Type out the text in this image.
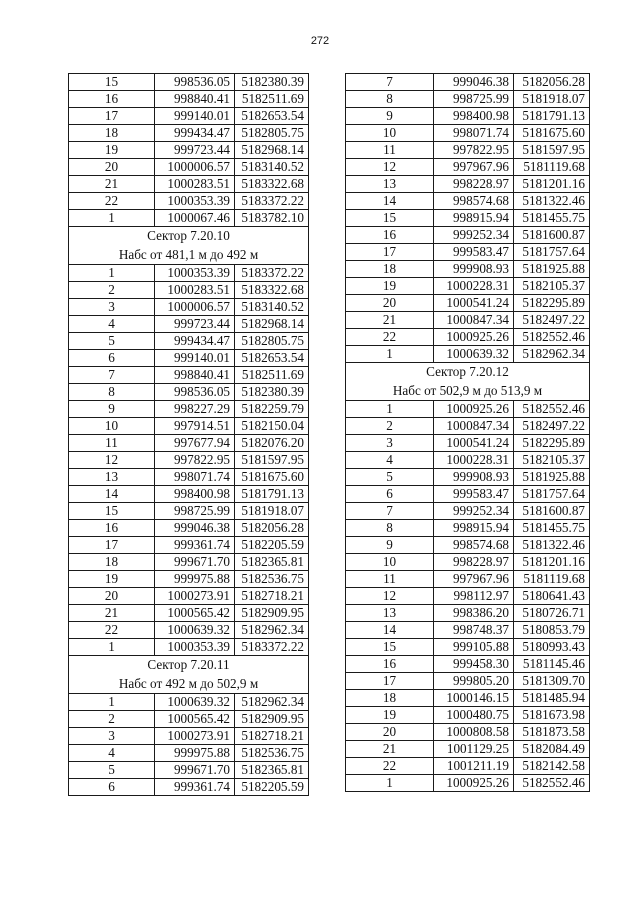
272
15	998536.05	5182380.39
16	998840.41	5182511.69
17	999140.01	5182653.54
18	999434.47	5182805.75
19	999723.44	5182968.14
20	1000006.57	5183140.52
21	1000283.51	5183322.68
22	1000353.39	5183372.22
1	1000067.46	5183782.10
Сектор 7.20.10		
Набс от 481,1 м до 492 м		
1	1000353.39	5183372.22
2	1000283.51	5183322.68
3	1000006.57	5183140.52
4	999723.44	5182968.14
5	999434.47	5182805.75
6	999140.01	5182653.54
7	998840.41	5182511.69
8	998536.05	5182380.39
9	998227.29	5182259.79
10	997914.51	5182150.04
11	997677.94	5182076.20
12	997822.95	5181597.95
13	998071.74	5181675.60
14	998400.98	5181791.13
15	998725.99	5181918.07
16	999046.38	5182056.28
17	999361.74	5182205.59
18	999671.70	5182365.81
19	999975.88	5182536.75
20	1000273.91	5182718.21
21	1000565.42	5182909.95
22	1000639.32	5182962.34
1	1000353.39	5183372.22
Сектор 7.20.11		
Набс от 492 м до 502,9 м		
1	1000639.32	5182962.34
2	1000565.42	5182909.95
3	1000273.91	5182718.21
4	999975.88	5182536.75
5	999671.70	5182365.81
6	999361.74	5182205.59
7	999046.38	5182056.28
8	998725.99	5181918.07
9	998400.98	5181791.13
10	998071.74	5181675.60
11	997822.95	5181597.95
12	997967.96	5181119.68
13	998228.97	5181201.16
14	998574.68	5181322.46
15	998915.94	5181455.75
16	999252.34	5181600.87
17	999583.47	5181757.64
18	999908.93	5181925.88
19	1000228.31	5182105.37
20	1000541.24	5182295.89
21	1000847.34	5182497.22
22	1000925.26	5182552.46
1	1000639.32	5182962.34
Сектор 7.20.12		
Набс от 502,9 м до 513,9 м		
1	1000925.26	5182552.46
2	1000847.34	5182497.22
3	1000541.24	5182295.89
4	1000228.31	5182105.37
5	999908.93	5181925.88
6	999583.47	5181757.64
7	999252.34	5181600.87
8	998915.94	5181455.75
9	998574.68	5181322.46
10	998228.97	5181201.16
11	997967.96	5181119.68
12	998112.97	5180641.43
13	998386.20	5180726.71
14	998748.37	5180853.79
15	999105.88	5180993.43
16	999458.30	5181145.46
17	999805.20	5181309.70
18	1000146.15	5181485.94
19	1000480.75	5181673.98
20	1000808.58	5181873.58
21	1001129.25	5182084.49
22	1001211.19	5182142.58
1	1000925.26	5182552.46
